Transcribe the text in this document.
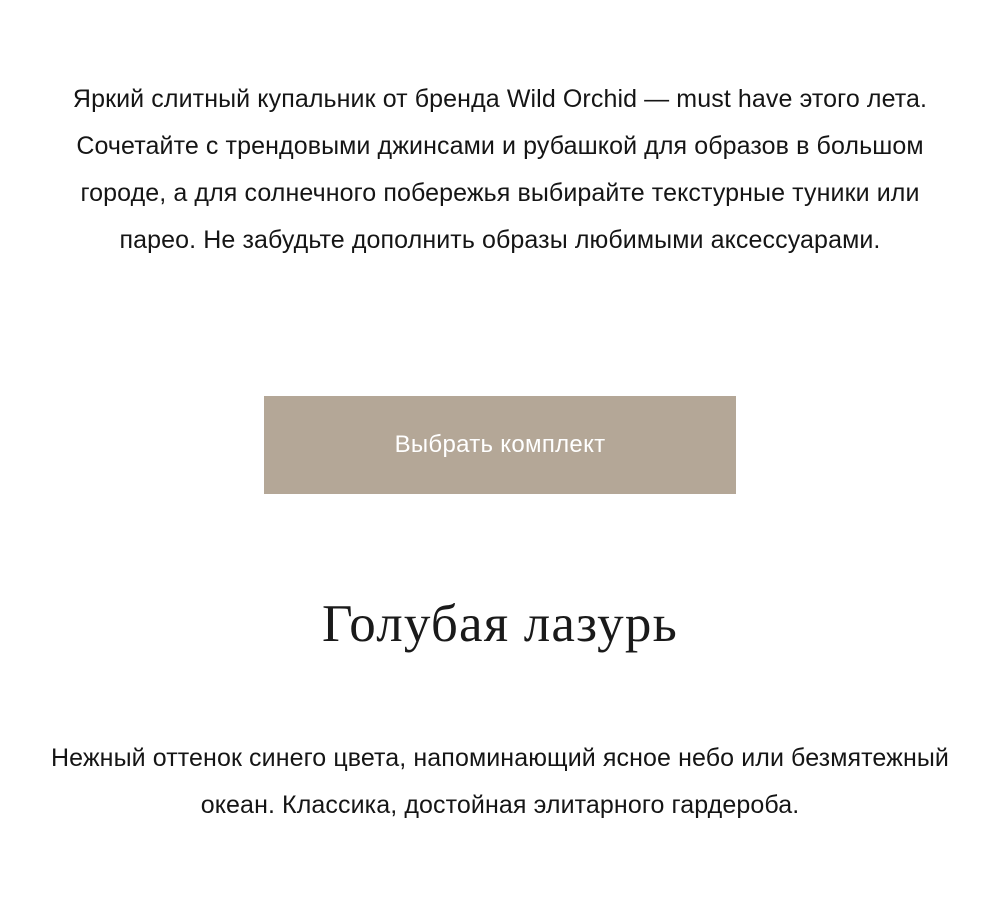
Яркий слитный купальник от бренда Wild Orchid — must have этого лета. Сочетайте с трендовыми джинсами и рубашкой для образов в большом городе, а для солнечного побережья выбирайте текстурные туники или парео. Не забудьте дополнить образы любимыми аксессуарами.

Выбрать комплект
Голубая лазурь

Нежный оттенок синего цвета, напоминающий ясное небо или безмятежный океан. Классика, достойная элитарного гардероба.
